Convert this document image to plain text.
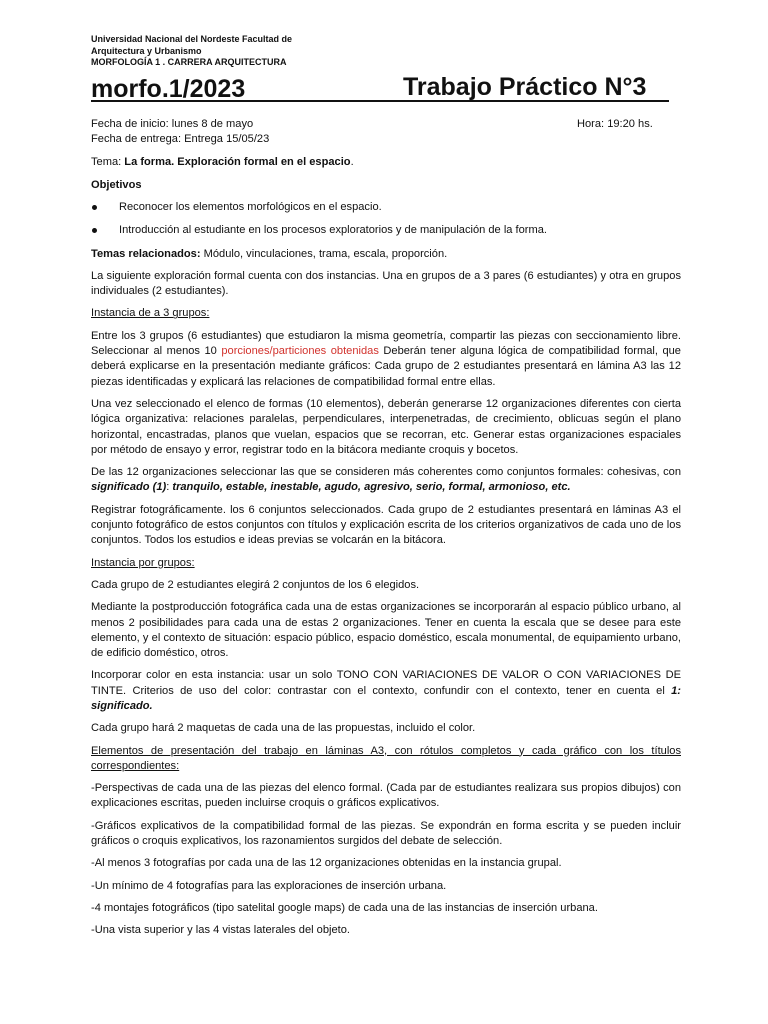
Universidad Nacional del Nordeste Facultad de
Arquitectura y Urbanismo
MORFOLOGÍA 1 . CARRERA ARQUITECTURA
morfo.1/2023	Trabajo Práctico N°3
Fecha de inicio: lunes 8 de mayo	Hora: 19:20 hs.
Fecha de entrega: Entrega 15/05/23

Tema: La forma. Exploración formal en el espacio.

Objetivos

Reconocer los elementos morfológicos en el espacio.
Introducción al estudiante en los procesos exploratorios y de manipulación de la forma.

Temas relacionados: Módulo, vinculaciones, trama, escala, proporción.

La siguiente exploración formal cuenta con dos instancias. Una en grupos de a 3 pares (6 estudiantes) y otra en grupos individuales (2 estudiantes).

Instancia de a 3 grupos:

Entre los 3 grupos (6 estudiantes) que estudiaron la misma geometría, compartir las piezas con seccionamiento libre. Seleccionar al menos 10 porciones/particiones obtenidas Deberán tener alguna lógica de compatibilidad formal, que deberá explicarse en la presentación mediante gráficos: Cada grupo de 2 estudiantes presentará en lámina A3 las 12 piezas identificadas y explicará las relaciones de compatibilidad formal entre ellas.

Una vez seleccionado el elenco de formas (10 elementos), deberán generarse 12 organizaciones diferentes con cierta lógica organizativa: relaciones paralelas, perpendiculares, interpenetradas, de crecimiento, oblicuas según el plano horizontal, encastradas, planos que vuelan, espacios que se recorran, etc. Generar estas organizaciones espaciales por método de ensayo y error, registrar todo en la bitácora mediante croquis y bocetos.

De las 12 organizaciones seleccionar las que se consideren más coherentes como conjuntos formales: cohesivas, con significado (1): tranquilo, estable, inestable, agudo, agresivo, serio, formal, armonioso, etc.

Registrar fotográficamente. los 6 conjuntos seleccionados. Cada grupo de 2 estudiantes presentará en láminas A3 el conjunto fotográfico de estos conjuntos con títulos y explicación escrita de los criterios organizativos de cada uno de los conjuntos. Todos los estudios e ideas previas se volcarán en la bitácora.

Instancia por grupos:

Cada grupo de 2 estudiantes elegirá 2 conjuntos de los 6 elegidos.

Mediante la postproducción fotográfica cada una de estas organizaciones se incorporarán al espacio público urbano, al menos 2 posibilidades para cada una de estas 2 organizaciones. Tener en cuenta la escala que se desee para este elemento, y el contexto de situación: espacio público, espacio doméstico, escala monumental, de equipamiento urbano, de edificio doméstico, otros.

Incorporar color en esta instancia: usar un solo TONO CON VARIACIONES DE VALOR O CON VARIACIONES DE TINTE. Criterios de uso del color: contrastar con el contexto, confundir con el contexto, tener en cuenta el 1: significado.

Cada grupo hará 2 maquetas de cada una de las propuestas, incluido el color.

Elementos de presentación del trabajo en láminas A3, con rótulos completos y cada gráfico con los títulos correspondientes:

-Perspectivas de cada una de las piezas del elenco formal. (Cada par de estudiantes realizara sus propios dibujos) con explicaciones escritas, pueden incluirse croquis o gráficos explicativos.

-Gráficos explicativos de la compatibilidad formal de las piezas. Se expondrán en forma escrita y se pueden incluir gráficos o croquis explicativos, los razonamientos surgidos del debate de selección.

-Al menos 3 fotografías por cada una de las 12 organizaciones obtenidas en la instancia grupal.

-Un mínimo de 4 fotografías para las exploraciones de inserción urbana.

-4 montajes fotográficos (tipo satelital google maps) de cada una de las instancias de inserción urbana.

-Una vista superior y las 4 vistas laterales del objeto.
